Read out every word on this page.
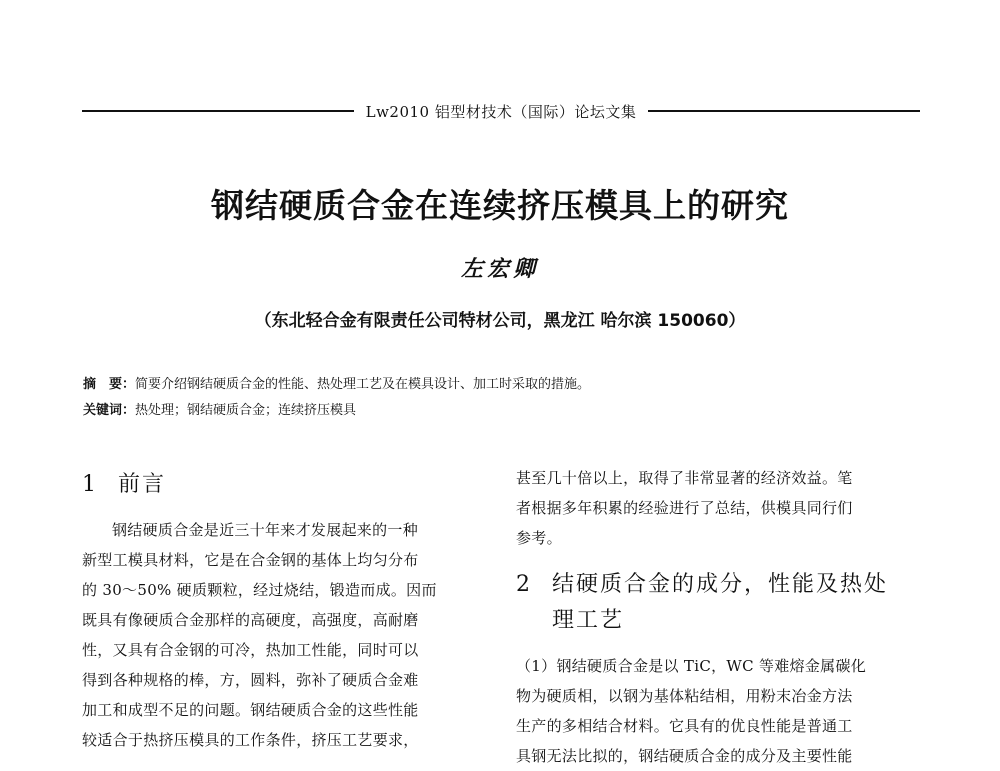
Lw2010 铝型材技术（国际）论坛文集
钢结硬质合金在连续挤压模具上的研究
左宏卿
（东北轻合金有限责任公司特材公司，黑龙江 哈尔滨 150060）
摘　要：简要介绍钢结硬质合金的性能、热处理工艺及在模具设计、加工时采取的措施。
关键词：热处理；钢结硬质合金；连续挤压模具
1 前言
钢结硬质合金是近三十年来才发展起来的一种
新型工模具材料，它是在合金钢的基体上均匀分布
的 30～50% 硬质颗粒，经过烧结，锻造而成。因而
既具有像硬质合金那样的高硬度，高强度，高耐磨
性，又具有合金钢的可冷，热加工性能，同时可以
得到各种规格的棒，方，圆料，弥补了硬质合金难
加工和成型不足的问题。钢结硬质合金的这些性能
较适合于热挤压模具的工作条件，挤压工艺要求，
甚至几十倍以上，取得了非常显著的经济效益。笔
者根据多年积累的经验进行了总结，供模具同行们
参考。
2 结硬质合金的成分，性能及热处
理工艺
（1）钢结硬质合金是以 TiC，WC 等难熔金属碳化
物为硬质相，以钢为基体粘结相，用粉末冶金方法
生产的多相结合材料。它具有的优良性能是普通工
具钢无法比拟的，钢结硬质合金的成分及主要性能
